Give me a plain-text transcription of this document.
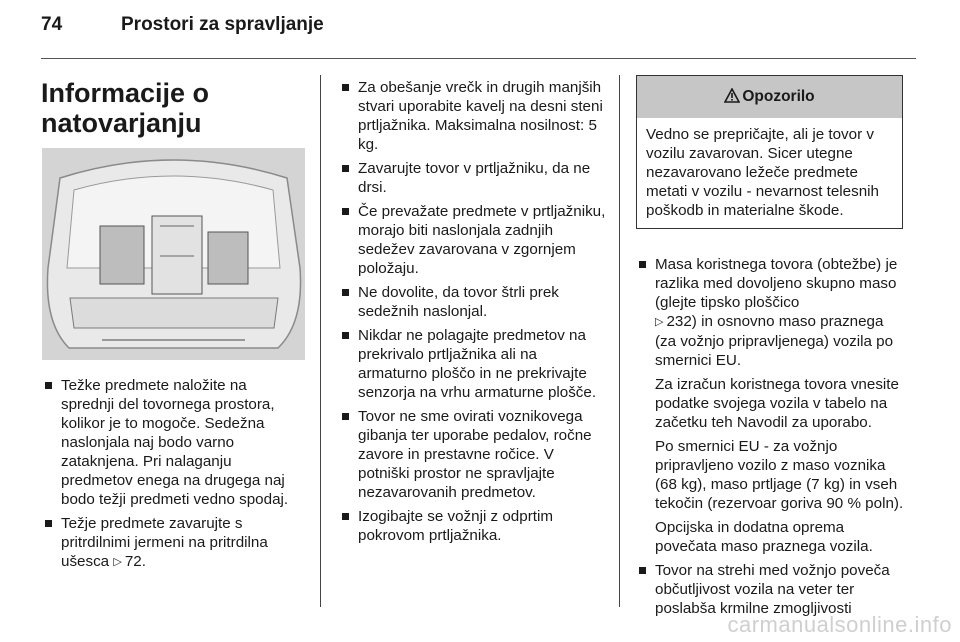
74	Prostori za spravljanje
Informacije o
natovarjanju
Težke predmete naložite na sprednji del tovornega prostora, kolikor je to mogoče. Sedežna naslonjala naj bodo varno zataknjena. Pri nalaganju predmetov enega na drugega naj bodo težji predmeti vedno spodaj.
Težje predmete zavarujte s pritrdilnimi jermeni na pritrdilna ušesca ▷ 72.
Za obešanje vrečk in drugih manjših stvari uporabite kavelj na desni steni prtljažnika. Maksimalna nosilnost: 5 kg.
Zavarujte tovor v prtljažniku, da ne drsi.
Če prevažate predmete v prtljažniku, morajo biti naslonjala zadnjih sedežev zavarovana v zgornjem položaju.
Ne dovolite, da tovor štrli prek sedežnih naslonjal.
Nikdar ne polagajte predmetov na prekrivalo prtljažnika ali na armaturno ploščo in ne prekrivajte senzorja na vrhu armaturne plošče.
Tovor ne sme ovirati voznikovega gibanja ter uporabe pedalov, ročne zavore in prestavne ročice. V potniški prostor ne spravljajte nezavarovanih predmetov.
Izogibajte se vožnji z odprtim pokrovom prtljažnika.
Opozorilo
Vedno se prepričajte, ali je tovor v vozilu zavarovan. Sicer utegne nezavarovano ležeče predmete metati v vozilu - nevarnost telesnih poškodb in materialne škode.
Masa koristnega tovora (obtežbe) je razlika med dovoljeno skupno maso (glejte tipsko ploščico
▷ 232) in osnovno maso praznega (za vožnjo pripravljenega) vozila po smernici EU.

Za izračun koristnega tovora vnesite podatke svojega vozila v tabelo na začetku teh Navodil za uporabo.

Po smernici EU - za vožnjo pripravljeno vozilo z maso voznika (68 kg), maso prtljage (7 kg) in vseh tekočin (rezervoar goriva 90 % poln).

Opcijska in dodatna oprema povečata maso praznega vozila.

Tovor na strehi med vožnjo poveča občutljivost vozila na veter ter poslabša krmilne zmogljivosti
carmanualsonline.info
